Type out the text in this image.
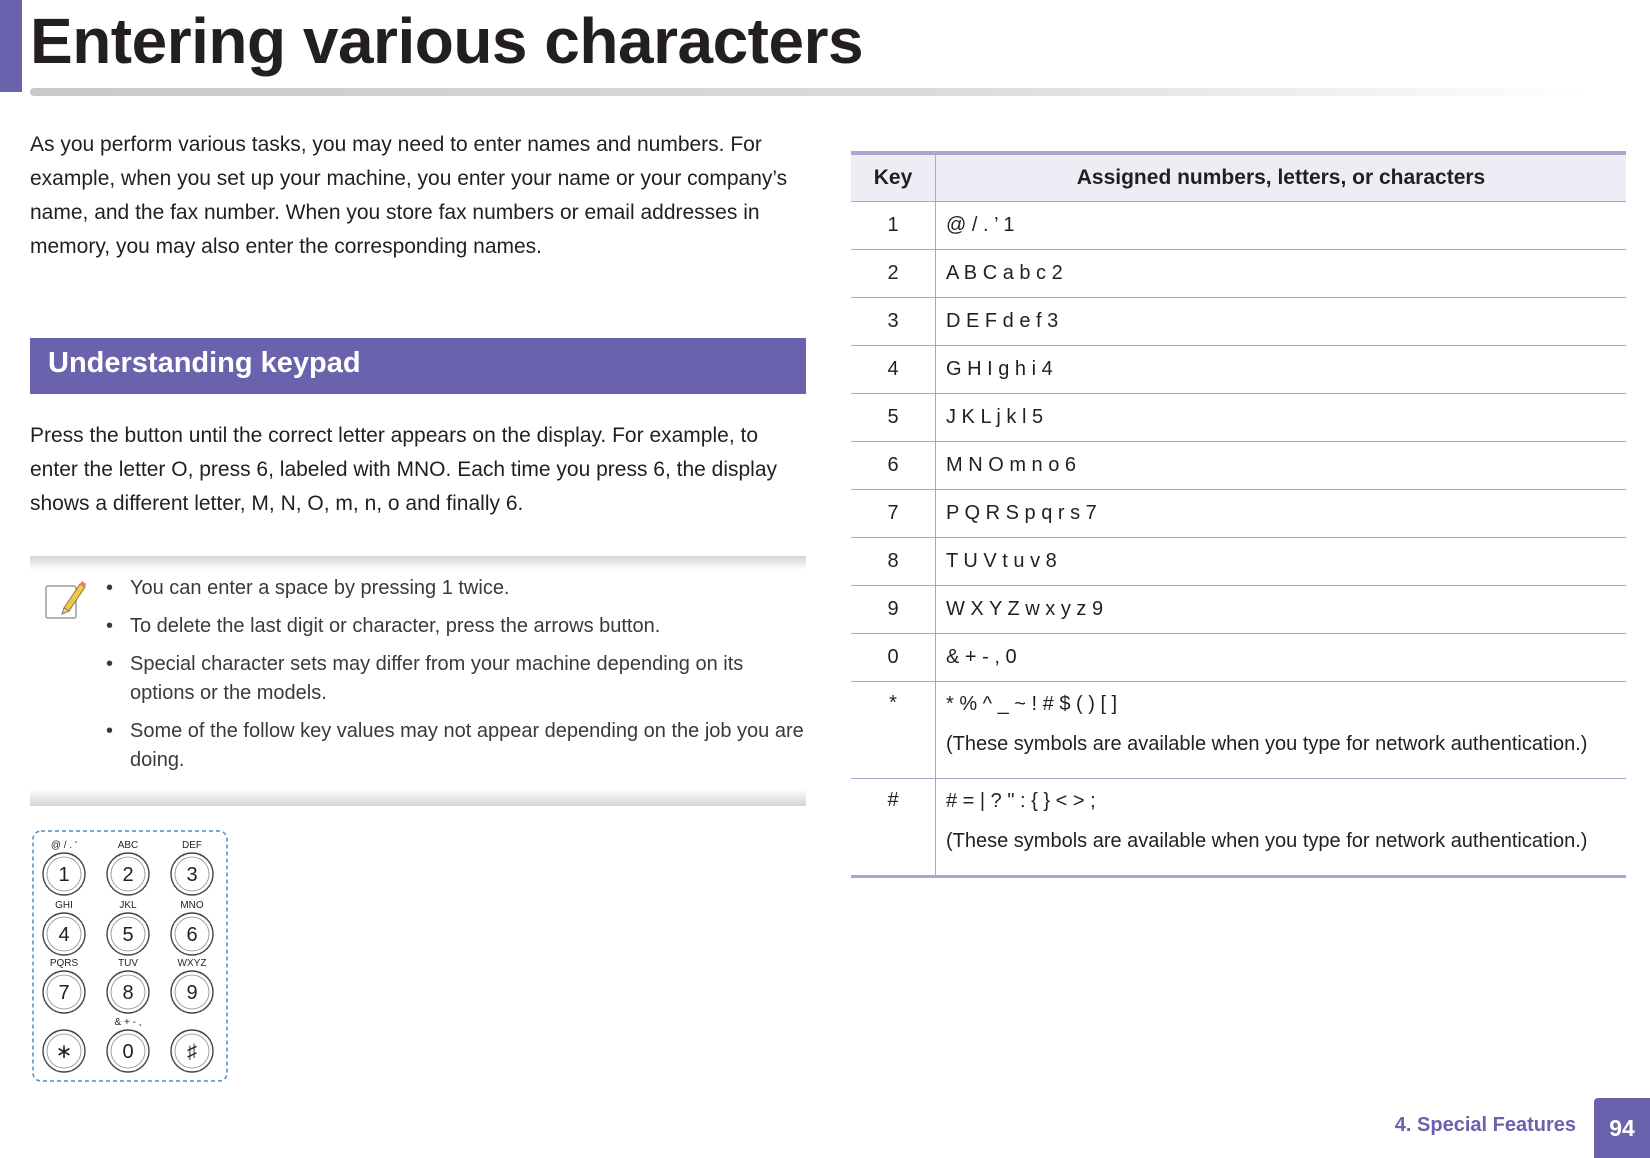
Entering various characters

As you perform various tasks, you may need to enter names and numbers. For example, when you set up your machine, you enter your name or your company’s name, and the fax number. When you store fax numbers or email addresses in memory, you may also enter the corresponding names.

Understanding keypad

Press the button until the correct letter appears on the display. For example, to enter the letter O, press 6, labeled with MNO. Each time you press 6, the display shows a different letter, M, N, O, m, n, o and finally 6.

• You can enter a space by pressing 1 twice.
• To delete the last digit or character, press the arrows button.
• Special character sets may differ from your machine depending on its options or the models.
• Some of the follow key values may not appear depending on the job you are doing.
1
@ / . ’
2
ABC
3
DEF
4
GHI
5
JKL
6
MNO
7
PQRS
8
TUV
9
WXYZ
∗	0
& + - ,
♯
Key	Assigned numbers, letters, or characters
1	@ / . ’ 1
2	A B C a b c 2
3	D E F d e f 3
4	G H I g h i 4
5	J K L j k l 5
6	M N O m n o 6
7	P Q R S p q r s 7
8	T U V t u v 8
9	W X Y Z w x y z 9
0	& + - , 0
*	* % ^ _ ~ ! # $ ( ) [ ]
(These symbols are available when you type for network authentication.)

#	# = | ? " : { } < > ;
(These symbols are available when you type for network authentication.)
4. Special Features	94
